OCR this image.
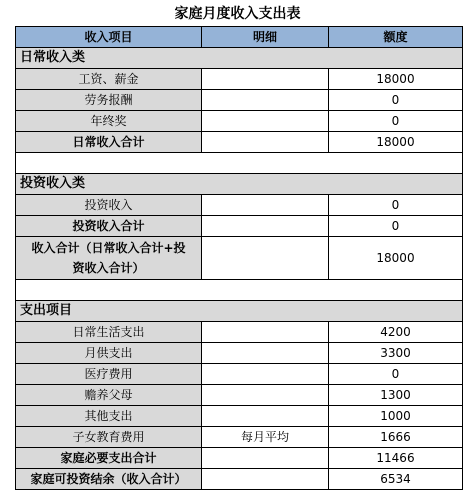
家庭月度收入支出表
收入项目	明细	额度
日常收入类		
工资、薪金		18000
劳务报酬		0
年终奖		0
日常收入合计		18000

投资收入类		
投资收入		0
投资收入合计		0

收入合计（日常收入合计+投
资收入合计）		18000

支出项目		
日常生活支出		4200
月供支出		3300
医疗费用		0
赡养父母		1300
其他支出		1000
子女教育费用	每月平均	1666
家庭必要支出合计		11466
家庭可投资结余（收入合计）		6534
